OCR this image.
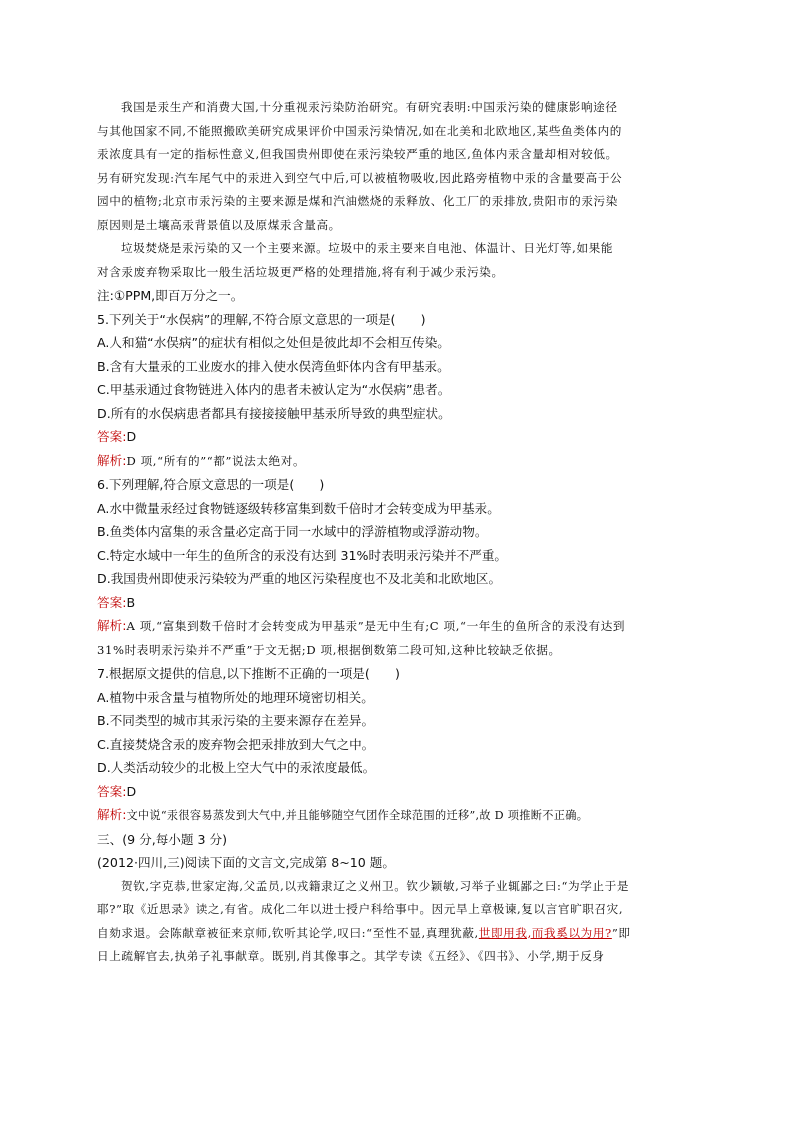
我国是汞生产和消费大国,十分重视汞污染防治研究。有研究表明:中国汞污染的健康影响途径
与其他国家不同,不能照搬欧美研究成果评价中国汞污染情况,如在北美和北欧地区,某些鱼类体内的
汞浓度具有一定的指标性意义,但我国贵州即使在汞污染较严重的地区,鱼体内汞含量却相对较低。
另有研究发现:汽车尾气中的汞进入到空气中后,可以被植物吸收,因此路旁植物中汞的含量要高于公
园中的植物;北京市汞污染的主要来源是煤和汽油燃烧的汞释放、化工厂的汞排放,贵阳市的汞污染
原因则是土壤高汞背景值以及原煤汞含量高。

垃圾焚烧是汞污染的又一个主要来源。垃圾中的汞主要来自电池、体温计、日光灯等,如果能
对含汞废弃物采取比一般生活垃圾更严格的处理措施,将有利于减少汞污染。

注:①PPM,即百万分之一。

5.下列关于“水俣病”的理解,不符合原文意思的一项是(　　)

A.人和猫“水俣病”的症状有相似之处但是彼此却不会相互传染。

B.含有大量汞的工业废水的排入使水俣湾鱼虾体内含有甲基汞。

C.甲基汞通过食物链进入体内的患者未被认定为“水俣病”患者。

D.所有的水俣病患者都具有接接接触甲基汞所导致的典型症状。

答案:D

解析:D 项,“所有的”“都”说法太绝对。

6.下列理解,符合原文意思的一项是(　　)

A.水中微量汞经过食物链逐级转移富集到数千倍时才会转变成为甲基汞。

B.鱼类体内富集的汞含量必定高于同一水域中的浮游植物或浮游动物。

C.特定水域中一年生的鱼所含的汞没有达到 31%时表明汞污染并不严重。

D.我国贵州即使汞污染较为严重的地区污染程度也不及北美和北欧地区。

答案:B

解析:A 项,“富集到数千倍时才会转变成为甲基汞”是无中生有;C 项,“一年生的鱼所含的汞没有达到
31%时表明汞污染并不严重”于文无据;D 项,根据倒数第二段可知,这种比较缺乏依据。

7.根据原文提供的信息,以下推断不正确的一项是(　　)

A.植物中汞含量与植物所处的地理环境密切相关。

B.不同类型的城市其汞污染的主要来源存在差异。

C.直接焚烧含汞的废弃物会把汞排放到大气之中。

D.人类活动较少的北极上空大气中的汞浓度最低。

答案:D

解析:文中说“汞很容易蒸发到大气中,并且能够随空气团作全球范围的迁移”,故 D 项推断不正确。

三、(9 分,每小题 3 分)

(2012·四川,三)阅读下面的文言文,完成第 8~10 题。

贺钦,字克恭,世家定海,父孟员,以戎籍隶辽之义州卫。钦少颖敏,习举子业辄鄙之曰:“为学止于是
耶?”取《近思录》读之,有省。成化二年以进士授户科给事中。因元旱上章极谏,复以言官旷职召灾,
自劾求退。会陈献章被征来京师,钦听其论学,叹曰:“至性不显,真理犹蔽,世即用我,而我奚以为用?”即
日上疏解官去,执弟子礼事献章。既别,肖其像事之。其学专读《五经》、《四书》、小学,期于反身
